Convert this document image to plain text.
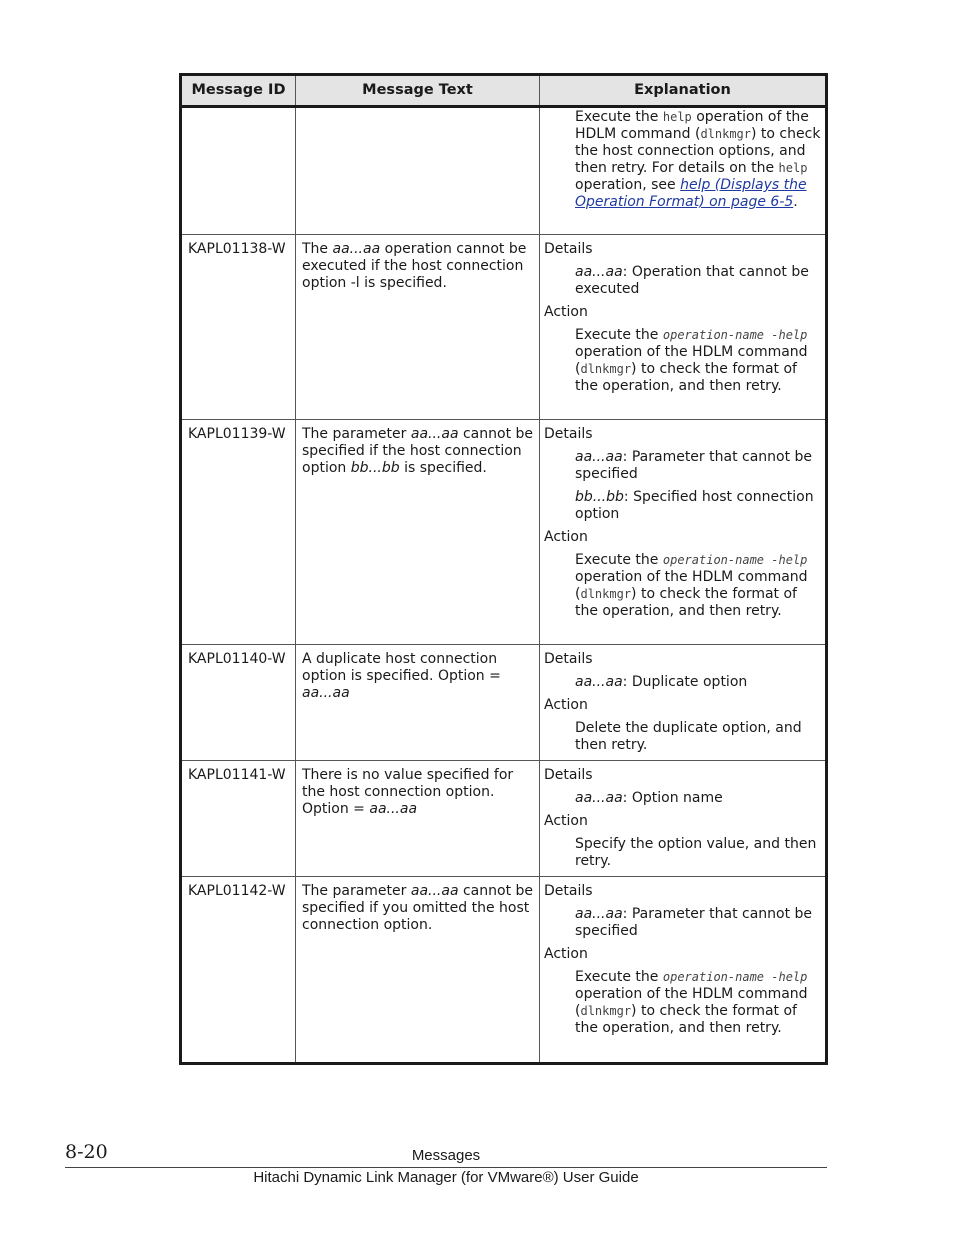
Message ID	Message Text	Explanation

		Execute the help operation of the HDLM command (dlnkmgr) to check the host connection options, and then retry. For details on the help operation, see help (Displays the Operation Format) on page 6-5.

KAPL01138-W	The aa...aa operation cannot be executed if the host connection option -l is specified.	Details
aa...aa: Operation that cannot be executed
Action
Execute the operation-name -help operation of the HDLM command (dlnkmgr) to check the format of the operation, and then retry.

KAPL01139-W	The parameter aa...aa cannot be specified if the host connection option bb...bb is specified.	Details
aa...aa: Parameter that cannot be specified
bb...bb: Specified host connection option
Action
Execute the operation-name -help operation of the HDLM command (dlnkmgr) to check the format of the operation, and then retry.

KAPL01140-W	A duplicate host connection option is specified. Option = aa...aa	Details
aa...aa: Duplicate option
Action
Delete the duplicate option, and then retry.

KAPL01141-W	There is no value specified for the host connection option. Option = aa...aa	Details
aa...aa: Option name
Action
Specify the option value, and then retry.

KAPL01142-W	The parameter aa...aa cannot be specified if you omitted the host connection option.	Details
aa...aa: Parameter that cannot be specified
Action
Execute the operation-name -help operation of the HDLM command (dlnkmgr) to check the format of the operation, and then retry.
8-20	Messages
Hitachi Dynamic Link Manager (for VMware®) User Guide
